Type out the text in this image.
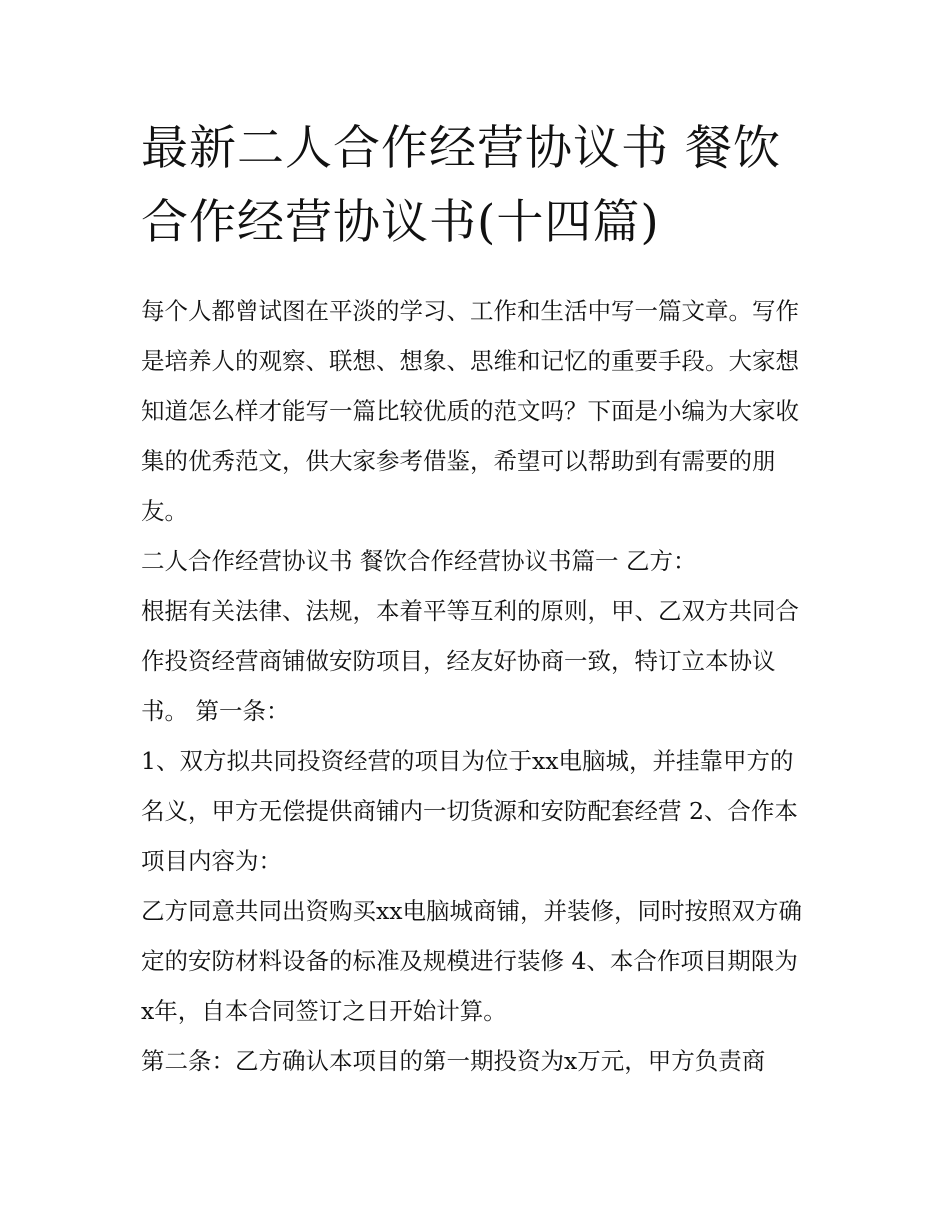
最新二人合作经营协议书 餐饮合作经营协议书(十四篇)

每个人都曾试图在平淡的学习、工作和生活中写一篇文章。写作是培养人的观察、联想、想象、思维和记忆的重要手段。大家想知道怎么样才能写一篇比较优质的范文吗？下面是小编为大家收集的优秀范文，供大家参考借鉴，希望可以帮助到有需要的朋友。

二人合作经营协议书 餐饮合作经营协议书篇一 乙方：

根据有关法律、法规，本着平等互利的原则，甲、乙双方共同合作投资经营商铺做安防项目，经友好协商一致，特订立本协议书。 第一条：

1、双方拟共同投资经营的项目为位于xx电脑城，并挂靠甲方的名义，甲方无偿提供商铺内一切货源和安防配套经营 2、合作本项目内容为：

乙方同意共同出资购买xx电脑城商铺，并装修，同时按照双方确定的安防材料设备的标准及规模进行装修 4、本合作项目期限为x年，自本合同签订之日开始计算。

第二条：乙方确认本项目的第一期投资为x万元，甲方负责商
